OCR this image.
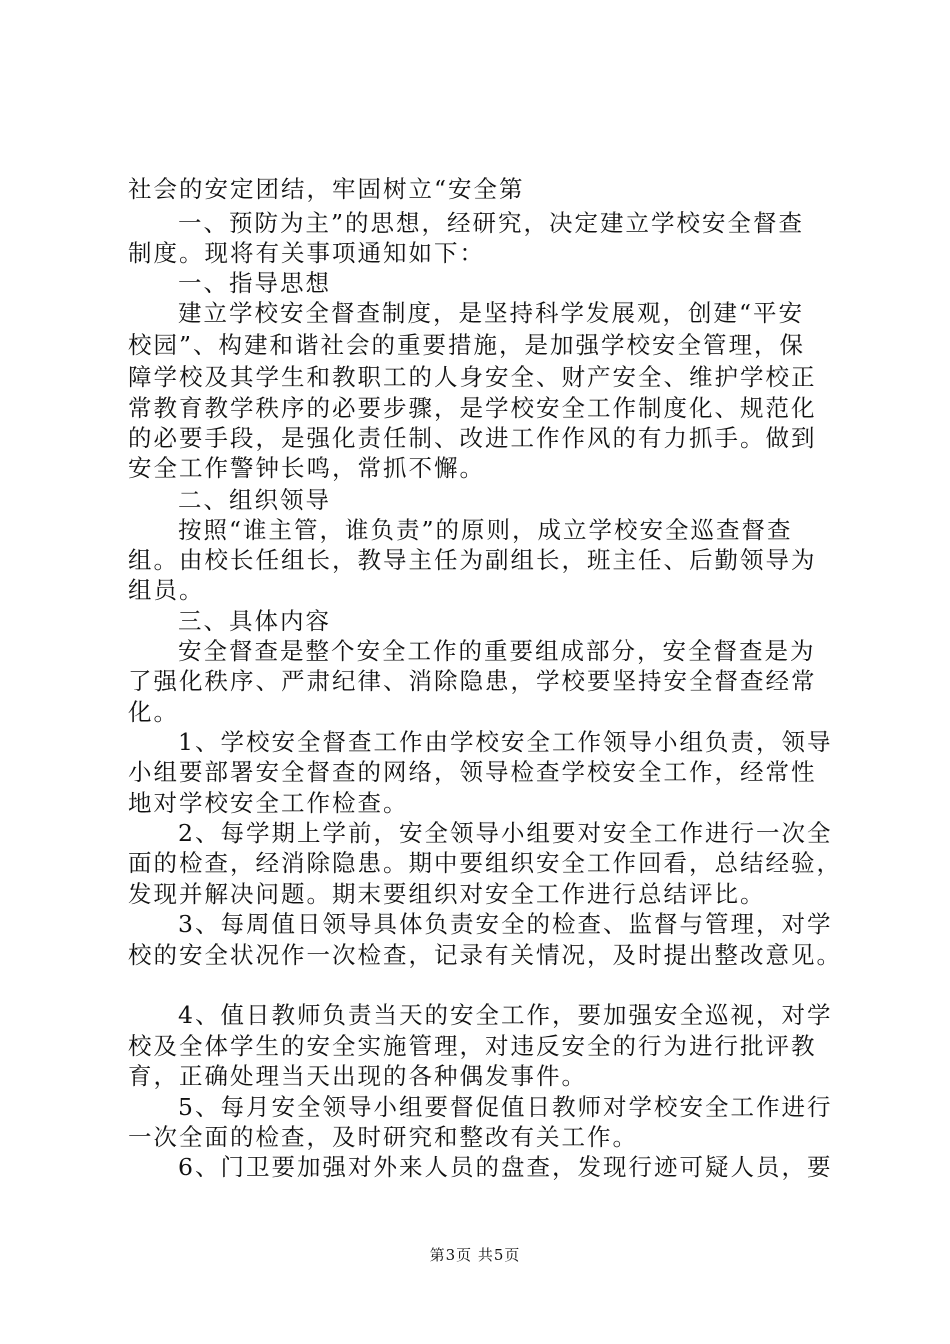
社会的安定团结，牢固树立“安全第
一、预防为主”的思想，经研究，决定建立学校安全督查
制度。现将有关事项通知如下：
一、指导思想
建立学校安全督查制度，是坚持科学发展观，创建“平安
校园”、构建和谐社会的重要措施，是加强学校安全管理，保
障学校及其学生和教职工的人身安全、财产安全、维护学校正
常教育教学秩序的必要步骤，是学校安全工作制度化、规范化
的必要手段，是强化责任制、改进工作作风的有力抓手。做到
安全工作警钟长鸣，常抓不懈。
二、组织领导
按照“谁主管，谁负责”的原则，成立学校安全巡查督查
组。由校长任组长，教导主任为副组长，班主任、后勤领导为
组员。
三、具体内容
安全督查是整个安全工作的重要组成部分，安全督查是为
了强化秩序、严肃纪律、消除隐患，学校要坚持安全督查经常
化。
1、学校安全督查工作由学校安全工作领导小组负责，领导
小组要部署安全督查的网络，领导检查学校安全工作，经常性
地对学校安全工作检查。
2、每学期上学前，安全领导小组要对安全工作进行一次全
面的检查，经消除隐患。期中要组织安全工作回看，总结经验，
发现并解决问题。期末要组织对安全工作进行总结评比。
3、每周值日领导具体负责安全的检查、监督与管理，对学
校的安全状况作一次检查，记录有关情况，及时提出整改意见。
4、值日教师负责当天的安全工作，要加强安全巡视，对学
校及全体学生的安全实施管理，对违反安全的行为进行批评教
育，正确处理当天出现的各种偶发事件。
5、每月安全领导小组要督促值日教师对学校安全工作进行
一次全面的检查，及时研究和整改有关工作。
6、门卫要加强对外来人员的盘查，发现行迹可疑人员，要
第3页 共5页
